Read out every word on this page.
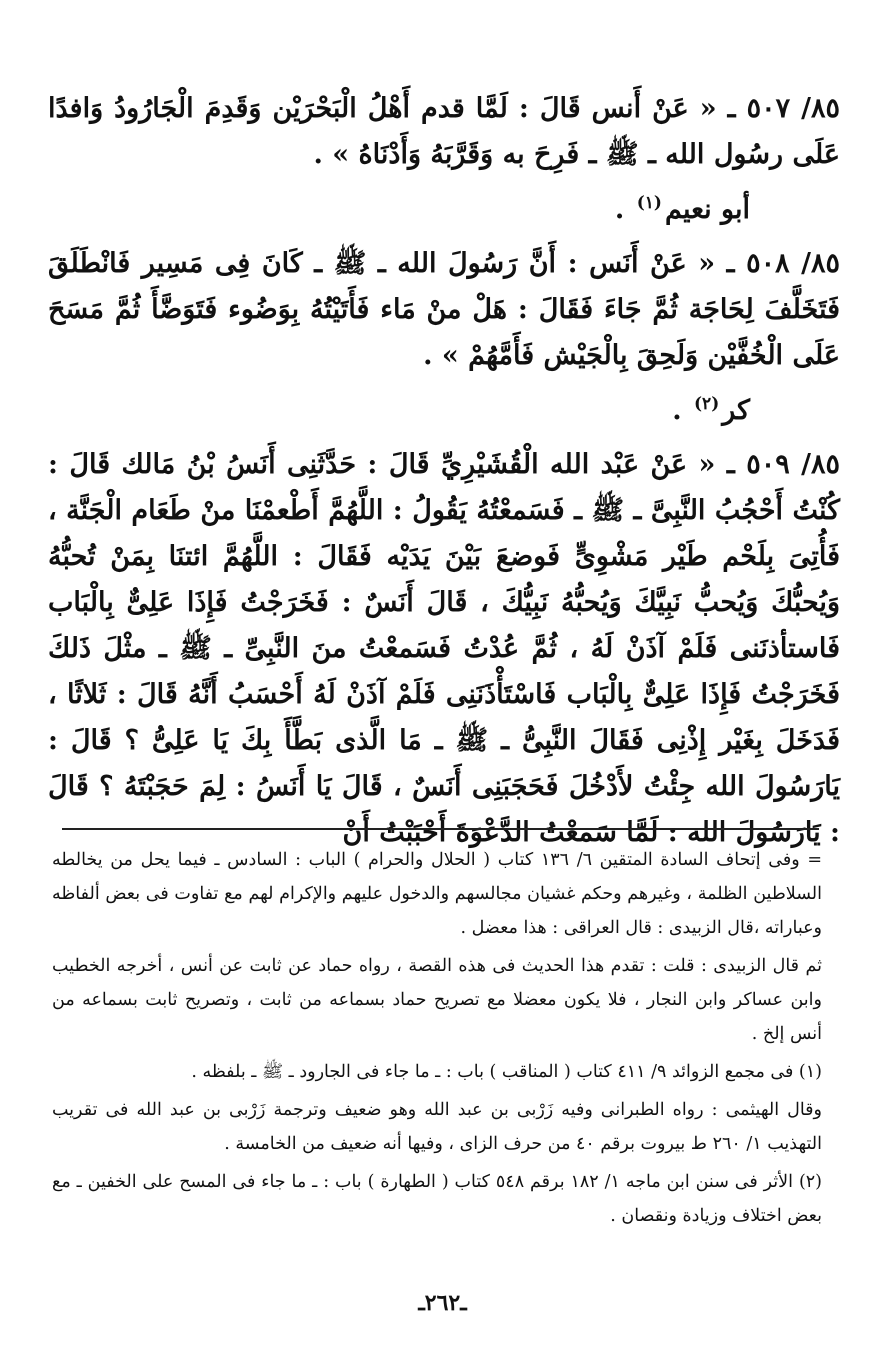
٨٥/ ٥٠٧ ـ « عَنْ أَنس قَالَ : لَمَّا قدم أَهْلُ الْبَحْرَيْن وَقَدِمَ الْجَارُودُ وَافدًا عَلَى رسُول الله ـ ﷺ ـ فَرِحَ به وَقَرَّبَهُ وَأَدْنَاهُ » .

أبو نعيم$^{(١)}$ .

٨٥/ ٥٠٨ ـ « عَنْ أَنَس : أَنَّ رَسُولَ الله ـ ﷺ ـ كَانَ فِى مَسِير فَانْطَلَقَ فَتَخَلَّفَ لِحَاجَة ثُمَّ جَاءَ فَقَالَ : هَلْ منْ مَاء فَأَتَيْتُهُ بِوَضُوء فَتَوَضَّأَ ثُمَّ مَسَحَ عَلَى الْخُفَّيْن وَلَحِقَ بِالْجَيْش فَأَمَّهُمْ » .

كر$^{(٢)}$ .

٨٥/ ٥٠٩ ـ « عَنْ عَبْد الله الْقُشَيْرِيِّ قَالَ : حَدَّثَنِى أَنَسُ بْنُ مَالك قَالَ : كُنْتُ أَحْجُبُ النَّبِىَّ ـ ﷺ ـ فَسَمعْتُهُ يَقُولُ : اللَّهُمَّ أَطْعمْنَا منْ طَعَام الْجَنَّة ، فَأُتِىَ بِلَحْم طَيْر مَشْوِىٍّ فَوضعَ بَيْنَ يَدَيْه فَقَالَ : اللَّهُمَّ ائتنَا بِمَنْ تُحبُّهُ وَيُحبُّكَ وَيُحبُّ نَبِيَّكَ وَيُحبُّهُ نَبِيُّكَ ، قَالَ أَنَسٌ : فَخَرَجْتُ فَإِذَا عَلِىٌّ بِالْبَاب فَاستأذنَنى فَلَمْ آذَنْ لَهُ ، ثُمَّ عُدْتُ فَسَمعْتُ منَ النَّبِىِّ ـ ﷺ ـ مثْلَ ذَلكَ فَخَرَجْتُ فَإِذَا عَلِىٌّ بِالْبَاب فَاسْتَأْذَنَنِى فَلَمْ آذَنْ لَهُ أَحْسَبُ أَنَّهُ قَالَ : ثَلاثًا ، فَدَخَلَ بِغَيْر إِذْنِى فَقَالَ النَّبِىُّ ـ ﷺ ـ مَا الَّذى بَطَّأَ بِكَ يَا عَلِىُّ ؟ قَالَ : يَارَسُولَ الله جِئْتُ لأَدْخُلَ فَحَجَبَنِى أَنَسٌ ، قَالَ يَا أَنَسُ : لِمَ حَجَبْتَهُ ؟ قَالَ : يَارَسُولَ الله : لَمَّا سَمعْتُ الدَّعْوَةَ أَحْبَبْتُ أَنْ

= وفى إتحاف السادة المتقين ٦/ ١٣٦ كتاب ( الحلال والحرام ) الباب : السادس ـ فيما يحل من يخالطه السلاطين الظلمة ، وغيرهم وحكم غشيان مجالسهم والدخول عليهم والإكرام لهم مع تفاوت فى بعض ألفاظه وعباراته ،قال الزبيدى : قال العراقى : هذا معضل .

ثم قال الزبيدى : قلت : تقدم هذا الحديث فى هذه القصة ، رواه حماد عن ثابت عن أنس ، أخرجه الخطيب وابن عساكر وابن النجار ، فلا يكون معضلا مع تصريح حماد بسماعه من ثابت ، وتصريح ثابت بسماعه من أنس إلخ .

(١) فى مجمع الزوائد ٩/ ٤١١ كتاب ( المناقب ) باب : ـ ما جاء فى الجارود ـ ﷺ ـ بلفظه .

وقال الهيثمى : رواه الطبرانى وفيه زَرْبى بن عبد الله وهو ضعيف وترجمة زَرْبى بن عبد الله فى تقريب التهذيب ١/ ٢٦٠ ط بيروت برقم ٤٠ من حرف الزاى ، وفيها أنه ضعيف من الخامسة .

(٢) الأثر فى سنن ابن ماجه ١/ ١٨٢ برقم ٥٤٨ كتاب ( الطهارة ) باب : ـ ما جاء فى المسح على الخفين ـ مع بعض اختلاف وزيادة ونقصان .

ـ٢٦٢ـ
